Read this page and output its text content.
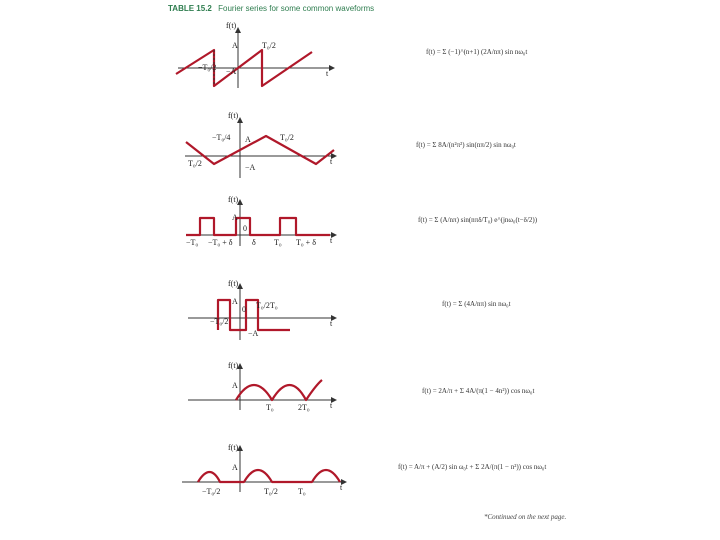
TABLE 15.2 Fourier series for some common waveforms
f(t)
A
−A	t
T₀/2
−T₀/2
f(t)
A
−A
t
−T₀/4	T₀/2
T₀/2
f(t)
A
0
t
−T₀ −T₀ + δ δ T₀ T₀ + δ
f(t)
A
−A
0
t
T₀/2
−T₀/2
T₀
f(t)
A
t
T₀	2T₀
f(t)
A
t
−T₀/2	T₀/2	T₀
f(t) = Σ (−1)^(n+1) (2A/nπ) sin nω₀t
f(t) = Σ 8A/(n²π²) sin(nπ/2) sin nω₀t
f(t) = Σ (A/nπ) sin(nπδ/T₀) e^(jnω₀(t−δ/2))
f(t) = Σ (4A/nπ) sin nω₀t
f(t) = 2A/π + Σ 4A/(π(1 − 4n²)) cos nω₀t
f(t) = A/π + (A/2) sin ω₀t + Σ 2A/(π(1 − n²)) cos nω₀t
*Continued on the next page.
